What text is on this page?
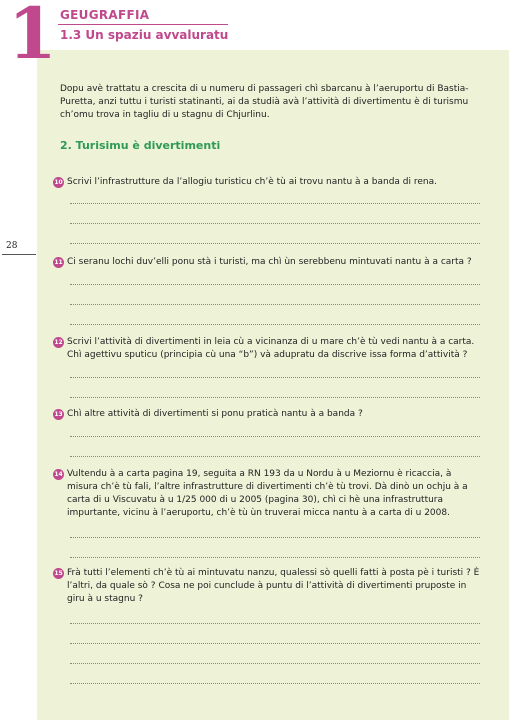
1 GEUGRAFFIA
1.3 Un spaziu avvaluratu
28
Dopu avè trattatu a crescita di u numeru di passageri chì sbarcanu à l’aeruportu di Bastia-Puretta, anzi tuttu i turisti statinanti, ai da studià avà l’attività di divertimentu è di turismu ch’omu trova in tagliu di u stagnu di Chjurlinu.
2. Turisimu è divertimenti
10 Scrivi l’infrastrutture da l’allogiu turisticu ch’è tù ai trovu nantu à a banda di rena.
11 Ci seranu lochi duv’elli ponu stà i turisti, ma chì ùn serebbenu mintuvati nantu à a carta ?
12 Scrivi l’attività di divertimenti in leia cù a vicinanza di u mare ch’è tù vedi nantu à a carta. Chì agettivu sputicu (principia cù una “b”) và adupratu da discrive issa forma d’attività ?
13 Chì altre attività di divertimenti si ponu praticà nantu à a banda ?
14 Vultendu à a carta pagina 19, seguita a RN 193 da u Nordu à u Meziornu è ricaccia, à misura ch’è tù fali, l’altre infrastrutture di divertimenti ch’è tù trovi. Dà dinò un ochju à a carta di u Viscuvatu à u 1/25 000 di u 2005 (pagina 30), chì ci hè una infrastruttura impurtante, vicinu à l’aeruportu, ch’è tù ùn truverai micca nantu à a carta di u 2008.
15 Frà tutti l’elementi ch’è tù ai mintuvatu nanzu, qualessi sò quelli fatti à posta pè i turisti ? È l’altri, da quale sò ? Cosa ne poi cunclude à puntu di l’attività di divertimenti pruposte in giru à u stagnu ?
